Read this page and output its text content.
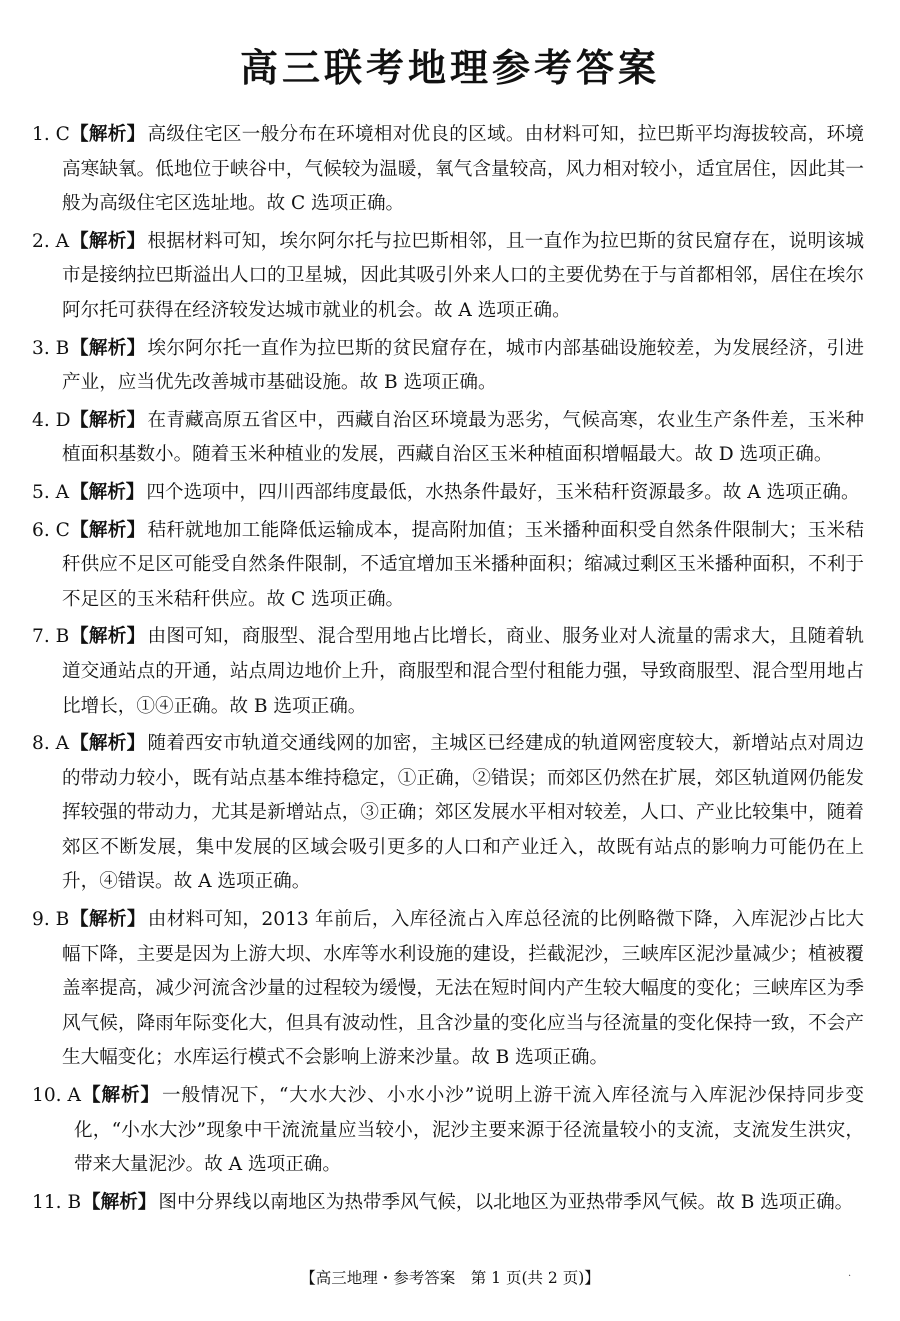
高三联考地理参考答案
1. C 【解析】 高级住宅区一般分布在环境相对优良的区域。由材料可知，拉巴斯平均海拔较高，环境高寒缺氧。低地位于峡谷中，气候较为温暖，氧气含量较高，风力相对较小，适宜居住，因此其一般为高级住宅区选址地。故 C 选项正确。
2. A 【解析】 根据材料可知，埃尔阿尔托与拉巴斯相邻，且一直作为拉巴斯的贫民窟存在，说明该城市是接纳拉巴斯溢出人口的卫星城，因此其吸引外来人口的主要优势在于与首都相邻，居住在埃尔阿尔托可获得在经济较发达城市就业的机会。故 A 选项正确。
3. B 【解析】 埃尔阿尔托一直作为拉巴斯的贫民窟存在，城市内部基础设施较差，为发展经济，引进产业，应当优先改善城市基础设施。故 B 选项正确。
4. D 【解析】 在青藏高原五省区中，西藏自治区环境最为恶劣，气候高寒，农业生产条件差，玉米种植面积基数小。随着玉米种植业的发展，西藏自治区玉米种植面积增幅最大。故 D 选项正确。
5. A 【解析】 四个选项中，四川西部纬度最低，水热条件最好，玉米秸秆资源最多。故 A 选项正确。
6. C 【解析】 秸秆就地加工能降低运输成本，提高附加值；玉米播种面积受自然条件限制大；玉米秸秆供应不足区可能受自然条件限制，不适宜增加玉米播种面积；缩减过剩区玉米播种面积，不利于不足区的玉米秸秆供应。故 C 选项正确。
7. B 【解析】 由图可知，商服型、混合型用地占比增长，商业、服务业对人流量的需求大，且随着轨道交通站点的开通，站点周边地价上升，商服型和混合型付租能力强，导致商服型、混合型用地占比增长，①④正确。故 B 选项正确。
8. A 【解析】 随着西安市轨道交通线网的加密，主城区已经建成的轨道网密度较大，新增站点对周边的带动力较小，既有站点基本维持稳定，①正确，②错误；而郊区仍然在扩展，郊区轨道网仍能发挥较强的带动力，尤其是新增站点，③正确；郊区发展水平相对较差，人口、产业比较集中，随着郊区不断发展，集中发展的区域会吸引更多的人口和产业迁入，故既有站点的影响力可能仍在上升，④错误。故 A 选项正确。
9. B 【解析】 由材料可知，2013 年前后，入库径流占入库总径流的比例略微下降，入库泥沙占比大幅下降，主要是因为上游大坝、水库等水利设施的建设，拦截泥沙，三峡库区泥沙量减少；植被覆盖率提高，减少河流含沙量的过程较为缓慢，无法在短时间内产生较大幅度的变化；三峡库区为季风气候，降雨年际变化大，但具有波动性，且含沙量的变化应当与径流量的变化保持一致，不会产生大幅变化；水库运行模式不会影响上游来沙量。故 B 选项正确。
10. A 【解析】 一般情况下，“大水大沙、小水小沙”说明上游干流入库径流与入库泥沙保持同步变化，“小水大沙”现象中干流流量应当较小，泥沙主要来源于径流量较小的支流，支流发生洪灾，带来大量泥沙。故 A 选项正确。
11. B 【解析】 图中分界线以南地区为热带季风气候，以北地区为亚热带季风气候。故 B 选项正确。
【高三地理・参考答案　第 1 页(共 2 页)】	·
